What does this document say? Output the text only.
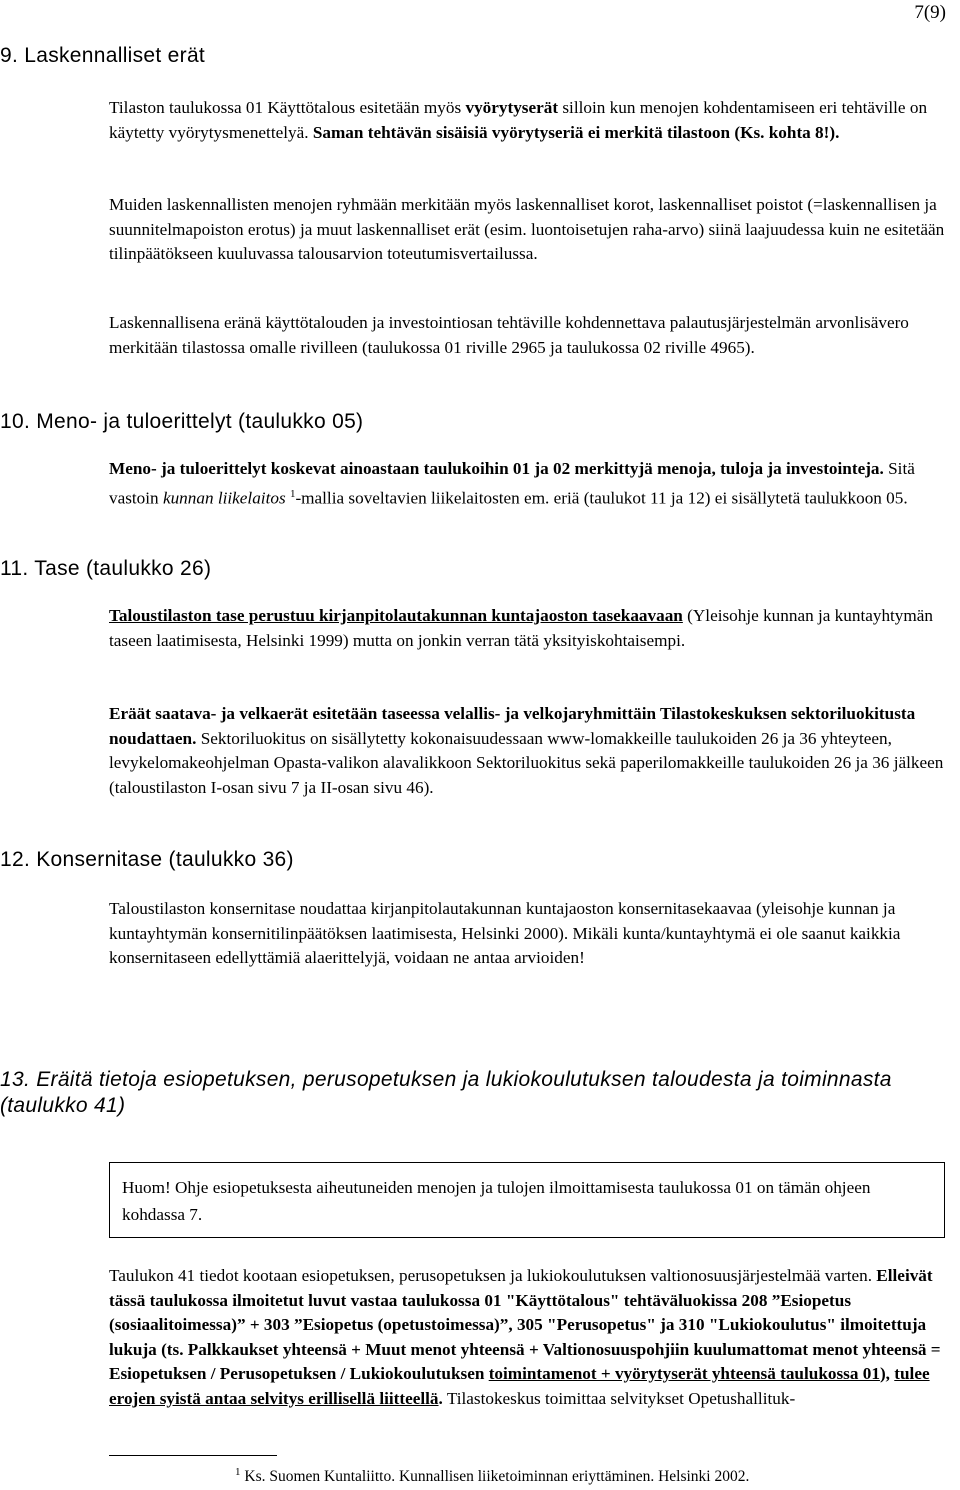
7(9)
9. Laskennalliset erät
Tilaston taulukossa 01 Käyttötalous esitetään myös vyörytyserät silloin kun menojen kohdentamiseen eri tehtäville on käytetty vyörytysmenettelyä. Saman tehtävän sisäisiä vyörytyseriä ei merkitä tilastoon (Ks. kohta 8!).
Muiden laskennallisten menojen ryhmään merkitään myös laskennalliset korot, laskennalliset poistot (=laskennallisen ja suunnitelmapoiston erotus) ja muut laskennalliset erät (esim. luontoisetujen raha-arvo) siinä laajuudessa kuin ne esitetään tilinpäätökseen kuuluvassa talousarvion toteutumisvertailussa.
Laskennallisena eränä käyttötalouden ja investointiosan tehtäville kohdennettava palautusjärjestelmän arvonlisävero merkitään tilastossa omalle rivilleen (taulukossa 01 riville 2965 ja taulukossa 02 riville 4965).
10. Meno- ja tuloerittelyt (taulukko 05)
Meno- ja tuloerittelyt koskevat ainoastaan taulukoihin 01 ja 02 merkittyjä menoja, tuloja ja investointeja. Sitä vastoin kunnan liikelaitos $^1$-mallia soveltavien liikelaitosten em. eriä (taulukot 11 ja 12) ei sisällytetä taulukkoon 05.
11. Tase (taulukko 26)
Taloustilaston tase perustuu kirjanpitolautakunnan kuntajaoston tasekaavaan (Yleisohje kunnan ja kuntayhtymän taseen laatimisesta, Helsinki 1999) mutta on jonkin verran tätä yksityiskohtaisempi.
Eräät saatava- ja velkaerät esitetään taseessa velallis- ja velkojaryhmittäin Tilastokeskuksen sektoriluokitusta noudattaen. Sektoriluokitus on sisällytetty kokonaisuudessaan www-lomakkeille taulukoiden 26 ja 36 yhteyteen, levykelomakeohjelman Opasta-valikon alavalikkoon Sektoriluokitus sekä paperilomakkeille taulukoiden 26 ja 36 jälkeen (taloustilaston I-osan sivu 7 ja II-osan sivu 46).
12. Konsernitase (taulukko 36)
Taloustilaston konsernitase noudattaa kirjanpitolautakunnan kuntajaoston konsernitasekaavaa (yleisohje kunnan ja kuntayhtymän konsernitilinpäätöksen laatimisesta, Helsinki 2000). Mikäli kunta/kuntayhtymä ei ole saanut kaikkia konsernitaseen edellyttämiä alaerittelyjä, voidaan ne antaa arvioiden!
13. Eräitä tietoja esiopetuksen, perusopetuksen ja lukiokoulutuksen taloudesta ja toiminnasta (taulukko 41)
Huom! Ohje esiopetuksesta aiheutuneiden menojen ja tulojen ilmoittamisesta taulukossa 01 on tämän ohjeen kohdassa 7.
Taulukon 41 tiedot kootaan esiopetuksen, perusopetuksen ja lukiokoulutuksen valtionosuusjärjestelmää varten. Elleivät tässä taulukossa ilmoitetut luvut vastaa taulukossa 01 "Käyttötalous" tehtäväluokissa 208 ”Esiopetus (sosiaalitoimessa)” + 303 ”Esiopetus (opetustoimessa)”, 305 "Perusopetus" ja 310 "Lukiokoulutus" ilmoitettuja lukuja (ts. Palkkaukset yhteensä + Muut menot yhteensä + Valtionosuuspohjiin kuulumattomat menot yhteensä = Esiopetuksen / Perusopetuksen / Lukiokoulutuksen toimintamenot + vyörytyserät yhteensä taulukossa 01), tulee erojen syistä antaa selvitys erillisellä liitteellä. Tilastokeskus toimittaa selvitykset Opetushallituk-
$^1$ Ks. Suomen Kuntaliitto. Kunnallisen liiketoiminnan eriyttäminen. Helsinki 2002.
